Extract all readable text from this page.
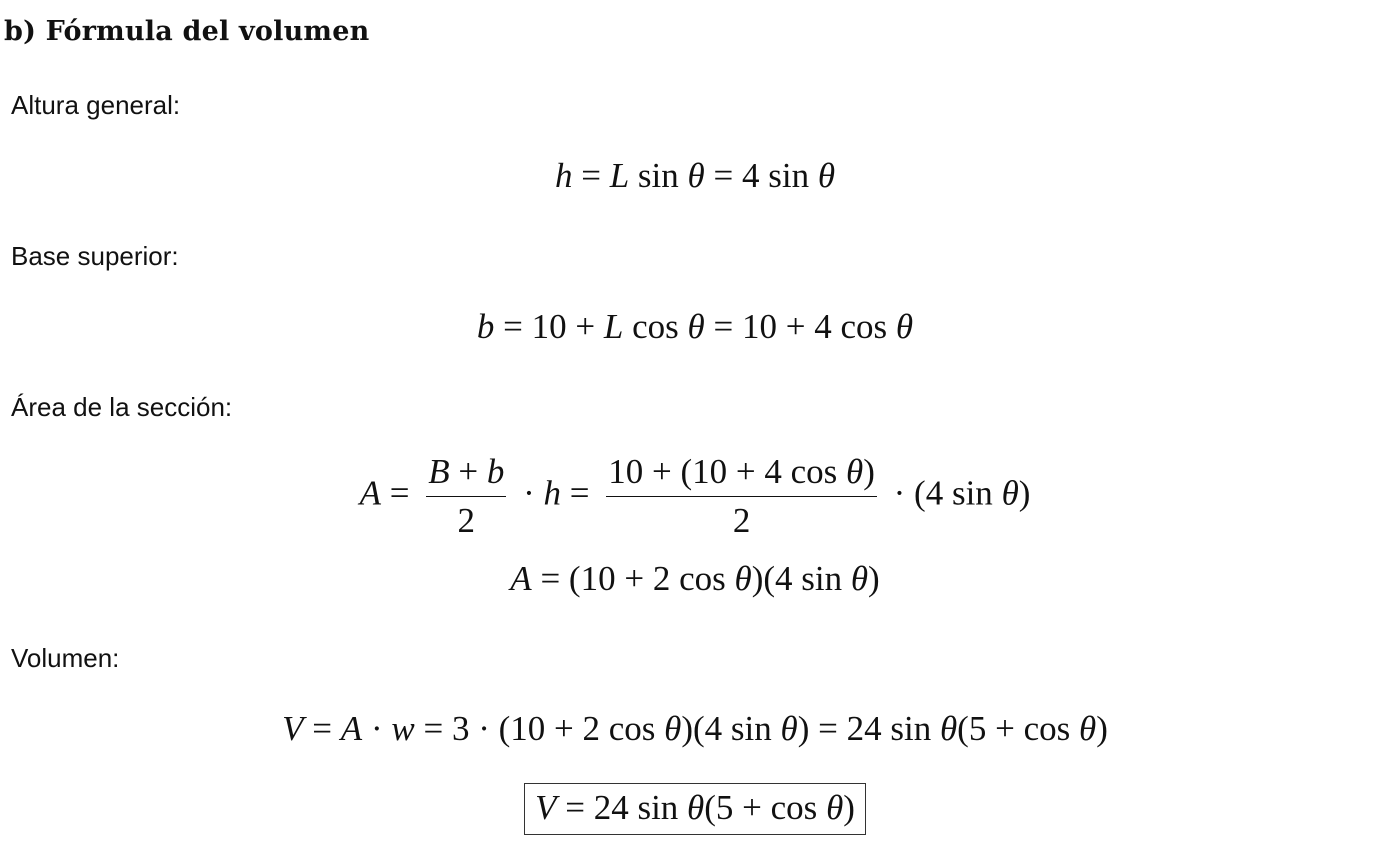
b) Fórmula del volumen
Altura general:
h = L sin θ = 4 sin θ
Base superior:
b = 10 + L cos θ = 10 + 4 cos θ
Área de la sección:
$A = \frac{B + b}{2} \cdot h = \frac{\text{10 + (10 + 4 cos θ)}}{2} \cdot (4$ sin θ)
A = (10 + 2 cos θ)(4 sin θ)
Volumen:
V = A · w = 3 · (10 + 2 cos θ)(4 sin θ) = 24 sin θ(5 + cos θ)
V = 24 sin θ(5 + cos θ)
